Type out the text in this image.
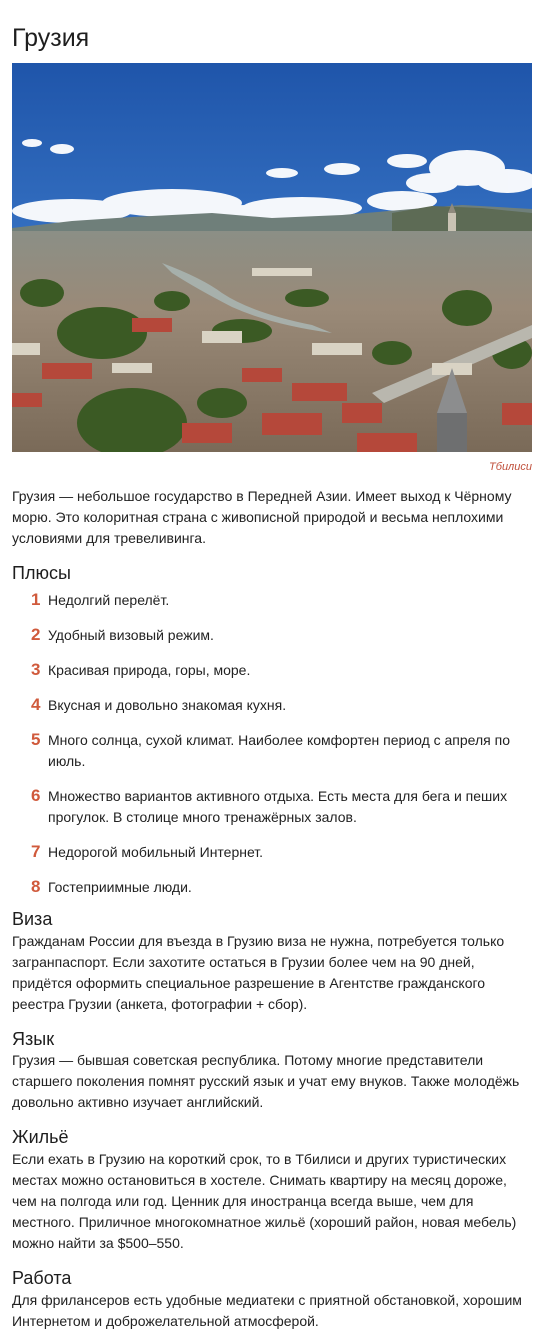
Грузия
Тбилиси

Грузия — небольшое государство в Передней Азии. Имеет выход к Чёрному морю. Это колоритная страна с живописной природой и весьма неплохими условиями для тревеливинга.

Плюсы
1 Недолгий перелёт.
2 Удобный визовый режим.
3 Красивая природа, горы, море.
4 Вкусная и довольно знакомая кухня.
5 Много солнца, сухой климат. Наиболее комфортен период с апреля по июль.
6 Множество вариантов активного отдыха. Есть места для бега и пеших прогулок. В столице много тренажёрных залов.
7 Недорогой мобильный Интернет.
8 Гостеприимные люди.
Виза

Гражданам России для въезда в Грузию виза не нужна, потребуется только загранпаспорт. Если захотите остаться в Грузии более чем на 90 дней, придётся оформить специальное разрешение в Агентстве гражданского реестра Грузии (анкета, фотографии + сбор).

Язык

Грузия — бывшая советская республика. Потому многие представители старшего поколения помнят русский язык и учат ему внуков. Также молодёжь довольно активно изучает английский.

Жильё

Если ехать в Грузию на короткий срок, то в Тбилиси и других туристических местах можно остановиться в хостеле. Снимать квартиру на месяц дороже, чем на полгода или год. Ценник для иностранца всегда выше, чем для местного. Приличное многокомнатное жильё (хороший район, новая мебель) можно найти за $500–550.

Работа

Для фрилансеров есть удобные медиатеки с приятной обстановкой, хорошим Интернетом и доброжелательной атмосферой.
